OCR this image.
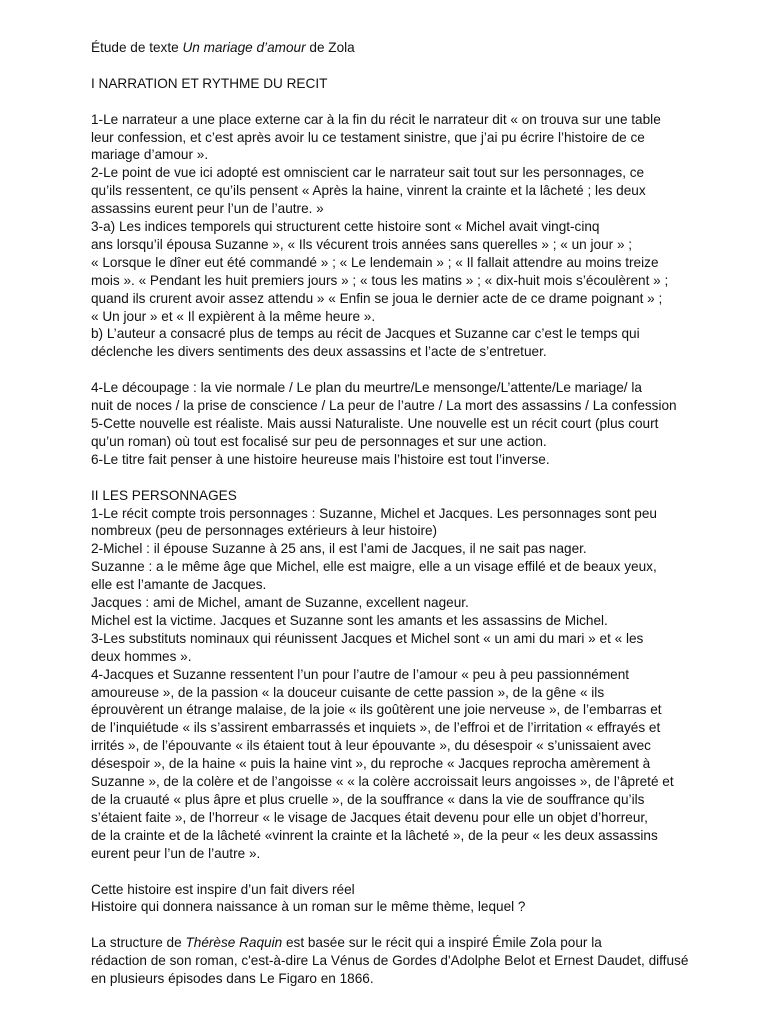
Étude de texte Un mariage d’amour de Zola

I NARRATION ET RYTHME DU RECIT

1-Le narrateur a une place externe car à la fin du récit le narrateur dit « on trouva sur une table
leur confession, et c’est après avoir lu ce testament sinistre, que j’ai pu écrire l’histoire de ce
mariage d’amour ».

2-Le point de vue ici adopté est omniscient car le narrateur sait tout sur les personnages, ce
qu’ils ressentent, ce qu’ils pensent « Après la haine, vinrent la crainte et la lâcheté ; les deux
assassins eurent peur l’un de l’autre. »

3-a) Les indices temporels qui structurent cette histoire sont « Michel avait vingt-cinq
ans lorsqu’il épousa Suzanne », « Ils vécurent trois années sans querelles » ; « un jour » ;
« Lorsque le dîner eut été commandé » ; « Le lendemain » ; « Il fallait attendre au moins treize
mois ». « Pendant les huit premiers jours » ; « tous les matins » ; « dix-huit mois s’écoulèrent » ;
quand ils crurent avoir assez attendu » « Enfin se joua le dernier acte de ce drame poignant » ;
« Un jour » et « Il expièrent à la même heure ».

b) L’auteur a consacré plus de temps au récit de Jacques et Suzanne car c’est le temps qui
déclenche les divers sentiments des deux assassins et l’acte de s’entretuer.

4-Le découpage : la vie normale / Le plan du meurtre/Le mensonge/L’attente/Le mariage/ la
nuit de noces / la prise de conscience / La peur de l’autre / La mort des assassins / La confession

5-Cette nouvelle est réaliste. Mais aussi Naturaliste. Une nouvelle est un récit court (plus court
qu’un roman) où tout est focalisé sur peu de personnages et sur une action.

6-Le titre fait penser à une histoire heureuse mais l’histoire est tout l’inverse.

II LES PERSONNAGES

1-Le récit compte trois personnages : Suzanne, Michel et Jacques. Les personnages sont peu
nombreux (peu de personnages extérieurs à leur histoire)

2-Michel : il épouse Suzanne à 25 ans, il est l’ami de Jacques, il ne sait pas nager.

Suzanne : a le même âge que Michel, elle est maigre, elle a un visage effilé et de beaux yeux,
elle est l’amante de Jacques.

Jacques : ami de Michel, amant de Suzanne, excellent nageur.

Michel est la victime. Jacques et Suzanne sont les amants et les assassins de Michel.

3-Les substituts nominaux qui réunissent Jacques et Michel sont « un ami du mari » et « les
deux hommes ».

4-Jacques et Suzanne ressentent l’un pour l’autre de l’amour « peu à peu passionnément
amoureuse », de la passion « la douceur cuisante de cette passion », de la gêne « ils
éprouvèrent un étrange malaise, de la joie « ils goûtèrent une joie nerveuse », de l’embarras et
de l’inquiétude « ils s’assirent embarrassés et inquiets », de l’effroi et de l’irritation « effrayés et
irrités », de l’épouvante « ils étaient tout à leur épouvante », du désespoir « s’unissaient avec
désespoir », de la haine « puis la haine vint », du reproche « Jacques reprocha amèrement à
Suzanne », de la colère et de l’angoisse « « la colère accroissait leurs angoisses », de l’âpreté et
de la cruauté « plus âpre et plus cruelle », de la souffrance « dans la vie de souffrance qu’ils
s’étaient faite », de l’horreur « le visage de Jacques était devenu pour elle un objet d’horreur,
de la crainte et de la lâcheté «vinrent la crainte et la lâcheté », de la peur « les deux assassins
eurent peur l’un de l’autre ».

Cette histoire est inspire d’un fait divers réel

Histoire qui donnera naissance à un roman sur le même thème, lequel ?

La structure de Thérèse Raquin est basée sur le récit qui a inspiré Émile Zola pour la
rédaction de son roman, c'est-à-dire La Vénus de Gordes d'Adolphe Belot et Ernest Daudet, diffusé
en plusieurs épisodes dans Le Figaro en 1866.
